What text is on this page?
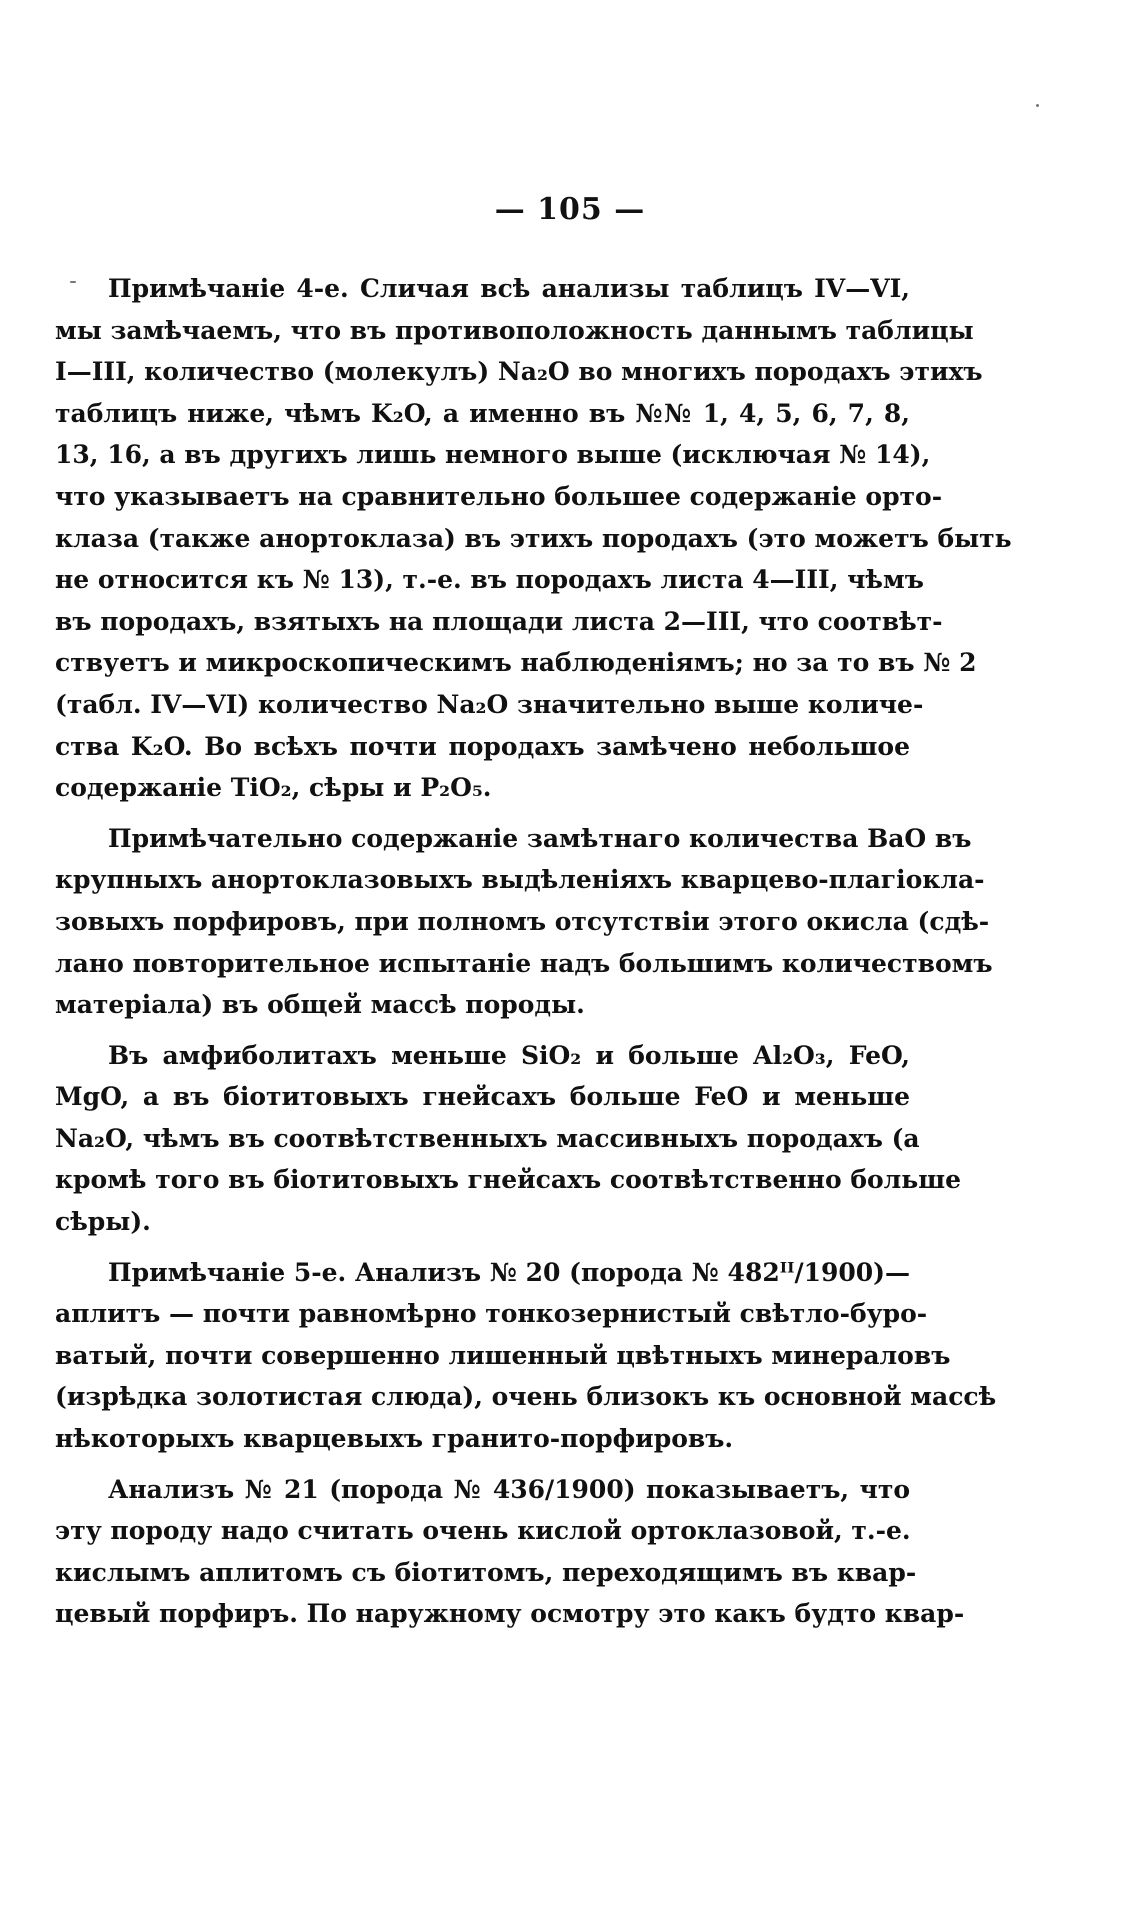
— 105 —

Примѣчаніе 4-е. Сличая всѣ анализы таблицъ IV—VI,
мы замѣчаемъ, что въ противоположность даннымъ таблицы
I—III, количество (молекулъ) Na₂O во многихъ породахъ этихъ
таблицъ ниже, чѣмъ K₂O, а именно въ №№ 1, 4, 5, 6, 7, 8,
13, 16, а въ другихъ лишь немного выше (исключая № 14),
что указываетъ на сравнительно большее содержаніе орто-
клаза (также анортоклаза) въ этихъ породахъ (это можетъ быть
не относится къ № 13), т.-е. въ породахъ листа 4—III, чѣмъ
въ породахъ, взятыхъ на площади листа 2—III, что соотвѣт-
ствуетъ и микроскопическимъ наблюденіямъ; но за то въ № 2
(табл. IV—VI) количество Na₂O значительно выше количе-
ства K₂O. Во всѣхъ почти породахъ замѣчено небольшое
содержаніе TiO₂, сѣры и P₂O₅.

Примѣчательно содержаніе замѣтнаго количества BaO въ
крупныхъ анортоклазовыхъ выдѣленіяхъ кварцево-плагіокла-
зовыхъ порфировъ, при полномъ отсутствіи этого окисла (сдѣ-
лано повторительное испытаніе надъ большимъ количествомъ
матеріала) въ общей массѣ породы.

Въ амфиболитахъ меньше SiO₂ и больше Al₂O₃, FeO,
MgO, а въ біотитовыхъ гнейсахъ больше FeO и меньше
Na₂O, чѣмъ въ соотвѣтственныхъ массивныхъ породахъ (а
кромѣ того въ біотитовыхъ гнейсахъ соотвѣтственно больше
сѣры).

Примѣчаніе 5-е. Анализъ № 20 (порода № 482ᴵᴵ/1900)—
аплитъ — почти равномѣрно тонкозернистый свѣтло-буро-
ватый, почти совершенно лишенный цвѣтныхъ минераловъ
(изрѣдка золотистая слюда), очень близокъ къ основной массѣ
нѣкоторыхъ кварцевыхъ гранито-порфировъ.

Анализъ № 21 (порода № 436/1900) показываетъ, что
эту породу надо считать очень кислой ортоклазовой, т.-е.
кислымъ аплитомъ съ біотитомъ, переходящимъ въ квар-
цевый порфиръ. По наружному осмотру это какъ будто квар-
